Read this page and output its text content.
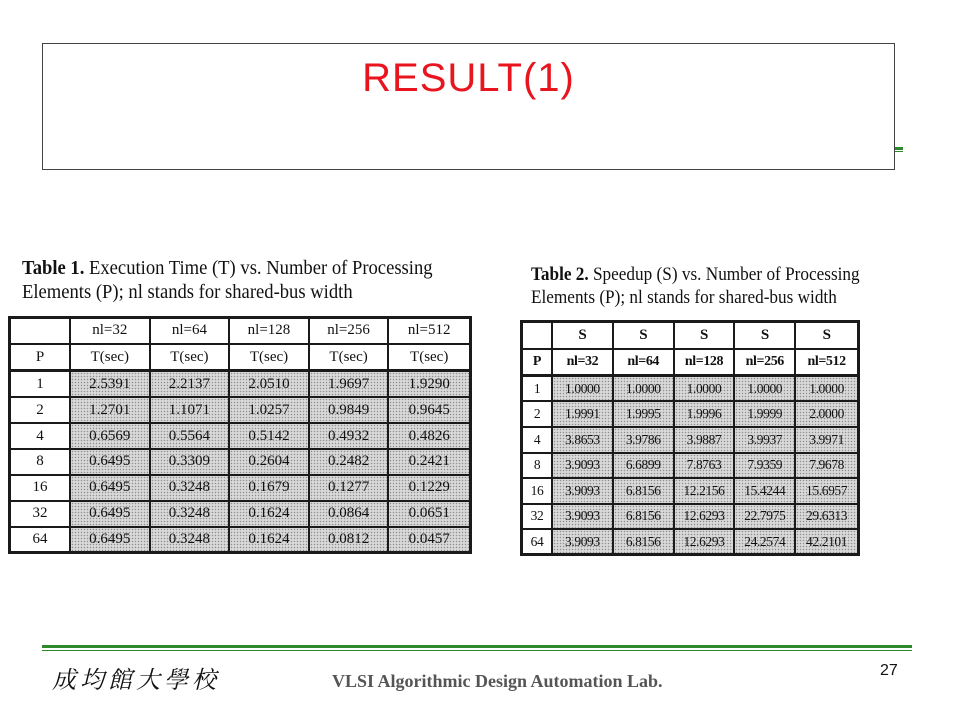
RESULT(1)
Table 1. Execution Time (T) vs. Number of Processing Elements (P); nl stands for shared-bus width
	nl=32	nl=64	nl=128	nl=256	nl=512
P	T(sec)	T(sec)	T(sec)	T(sec)	T(sec)
1	2.5391	2.2137	2.0510	1.9697	1.9290
2	1.2701	1.1071	1.0257	0.9849	0.9645
4	0.6569	0.5564	0.5142	0.4932	0.4826
8	0.6495	0.3309	0.2604	0.2482	0.2421
16	0.6495	0.3248	0.1679	0.1277	0.1229
32	0.6495	0.3248	0.1624	0.0864	0.0651
64	0.6495	0.3248	0.1624	0.0812	0.0457
Table 2. Speedup (S) vs. Number of Processing Elements (P); nl stands for shared-bus width
	S	S	S	S	S
P	nl=32	nl=64	nl=128	nl=256	nl=512
1	1.0000	1.0000	1.0000	1.0000	1.0000
2	1.9991	1.9995	1.9996	1.9999	2.0000
4	3.8653	3.9786	3.9887	3.9937	3.9971
8	3.9093	6.6899	7.8763	7.9359	7.9678
16	3.9093	6.8156	12.2156	15.4244	15.6957
32	3.9093	6.8156	12.6293	22.7975	29.6313
64	3.9093	6.8156	12.6293	24.2574	42.2101
成均館大學校	VLSI Algorithmic Design Automation Lab.
27
